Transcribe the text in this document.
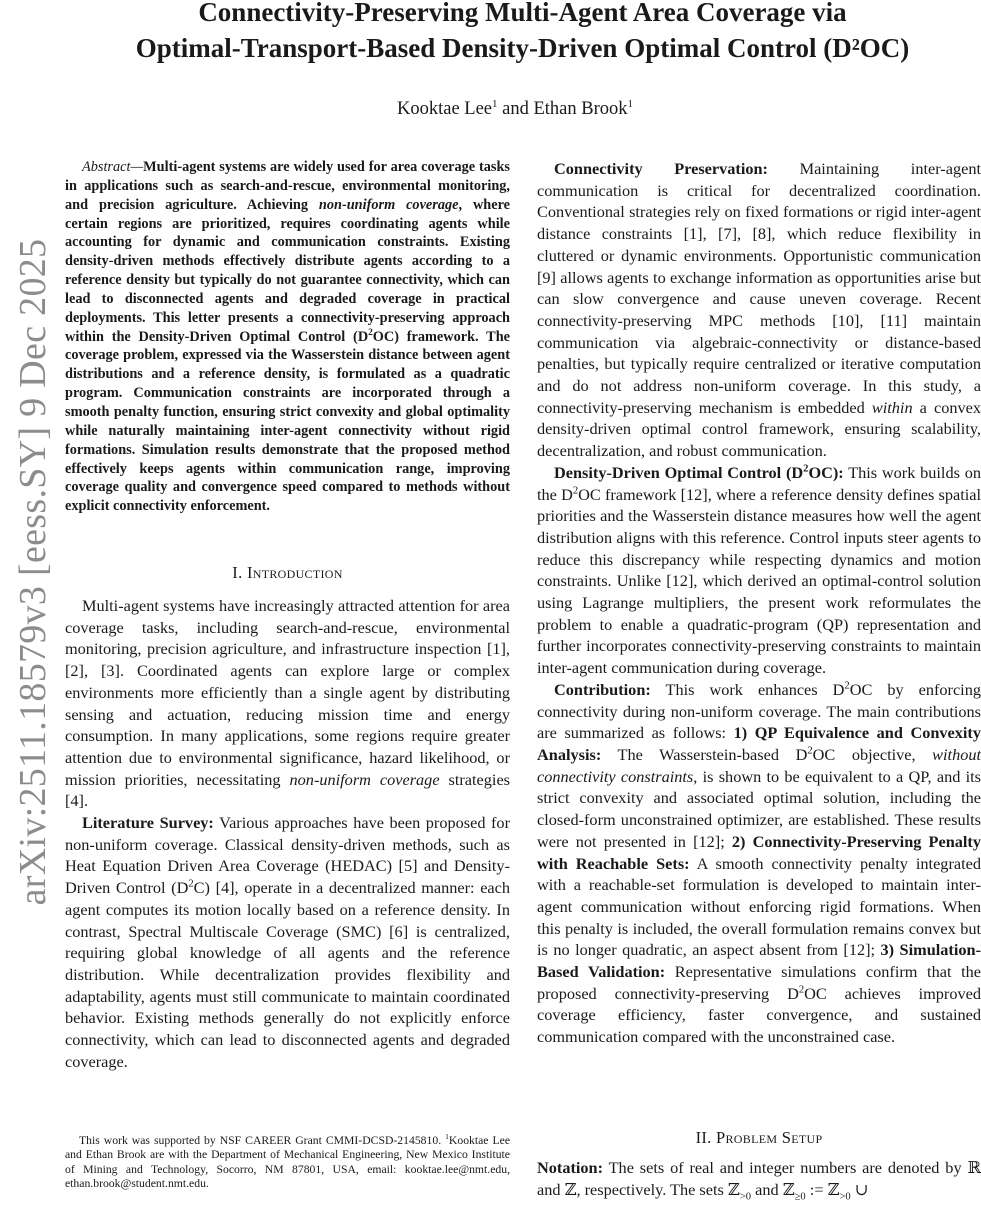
Connectivity-Preserving Multi-Agent Area Coverage via
Optimal-Transport-Based Density-Driven Optimal Control (D²OC)
Kooktae Lee$^1$ and Ethan Brook$^1$
arXiv:2511.18579v3 [eess.SY] 9 Dec 2025
Abstract—Multi-agent systems are widely used for area coverage tasks in applications such as search-and-rescue, environmental monitoring, and precision agriculture. Achieving non-uniform coverage, where certain regions are prioritized, requires coordinating agents while accounting for dynamic and communication constraints. Existing density-driven methods effectively distribute agents according to a reference density but typically do not guarantee connectivity, which can lead to disconnected agents and degraded coverage in practical deployments. This letter presents a connectivity-preserving approach within the Density-Driven Optimal Control $(D^2OC)$ framework. The coverage problem, expressed via the Wasserstein distance between agent distributions and a reference density, is formulated as a quadratic program. Communication constraints are incorporated through a smooth penalty function, ensuring strict convexity and global optimality while naturally maintaining inter-agent connectivity without rigid formations. Simulation results demonstrate that the proposed method effectively keeps agents within communication range, improving coverage quality and convergence speed compared to methods without explicit connectivity enforcement.
I. Introduction

Multi-agent systems have increasingly attracted attention for area coverage tasks, including search-and-rescue, environmental monitoring, precision agriculture, and infrastructure inspection [1], [2], [3]. Coordinated agents can explore large or complex environments more efficiently than a single agent by distributing sensing and actuation, reducing mission time and energy consumption. In many applications, some regions require greater attention due to environmental significance, hazard likelihood, or mission priorities, necessitating non-uniform coverage strategies [4].

Literature Survey: Various approaches have been proposed for non-uniform coverage. Classical density-driven methods, such as Heat Equation Driven Area Coverage (HEDAC) [5] and Density-Driven Control $(D^2C)$ [4], operate in a decentralized manner: each agent computes its motion locally based on a reference density. In contrast, Spectral Multiscale Coverage (SMC) [6] is centralized, requiring global knowledge of all agents and the reference distribution. While decentralization provides flexibility and adaptability, agents must still communicate to maintain coordinated behavior. Existing methods generally do not explicitly enforce connectivity, which can lead to disconnected agents and degraded coverage.

This work was supported by NSF CAREER Grant CMMI-DCSD-2145810. $^1$Kooktae Lee and Ethan Brook are with the Department of Mechanical Engineering, New Mexico Institute of Mining and Technology, Socorro, NM 87801, USA, email: kooktae.lee@nmt.edu, ethan.brook@student.nmt.edu.

Connectivity Preservation: Maintaining inter-agent communication is critical for decentralized coordination. Conventional strategies rely on fixed formations or rigid inter-agent distance constraints [1], [7], [8], which reduce flexibility in cluttered or dynamic environments. Opportunistic communication [9] allows agents to exchange information as opportunities arise but can slow convergence and cause uneven coverage. Recent connectivity-preserving MPC methods [10], [11] maintain communication via algebraic-connectivity or distance-based penalties, but typically require centralized or iterative computation and do not address non-uniform coverage. In this study, a connectivity-preserving mechanism is embedded within a convex density-driven optimal control framework, ensuring scalability, decentralization, and robust communication.

Density-Driven Optimal Control $(D^2OC)$: This work builds on the $D^2OC$ framework [12], where a reference density defines spatial priorities and the Wasserstein distance measures how well the agent distribution aligns with this reference. Control inputs steer agents to reduce this discrepancy while respecting dynamics and motion constraints. Unlike [12], which derived an optimal-control solution using Lagrange multipliers, the present work reformulates the problem to enable a quadratic-program (QP) representation and further incorporates connectivity-preserving constraints to maintain inter-agent communication during coverage.

Contribution: This work enhances $D^2OC$ by enforcing connectivity during non-uniform coverage. The main contributions are summarized as follows: 1) QP Equivalence and Convexity Analysis: The Wasserstein-based $D^2OC$ objective, without connectivity constraints, is shown to be equivalent to a QP, and its strict convexity and associated optimal solution, including the closed-form unconstrained optimizer, are established. These results were not presented in [12]; 2) Connectivity-Preserving Penalty with Reachable Sets: A smooth connectivity penalty integrated with a reachable-set formulation is developed to maintain inter-agent communication without enforcing rigid formations. When this penalty is included, the overall formulation remains convex but is no longer quadratic, an aspect absent from [12]; 3) Simulation-Based Validation: Representative simulations confirm that the proposed connectivity-preserving $D^2OC$ achieves improved coverage efficiency, faster convergence, and sustained communication compared with the unconstrained case.

II. Problem Setup

Notation: The sets of real and integer numbers are denoted by ℝ and ℤ, respectively. The sets ℤ$_{>0}$ and ℤ$_{\ge 0}$ := ℤ$_{>0}$ ∪
